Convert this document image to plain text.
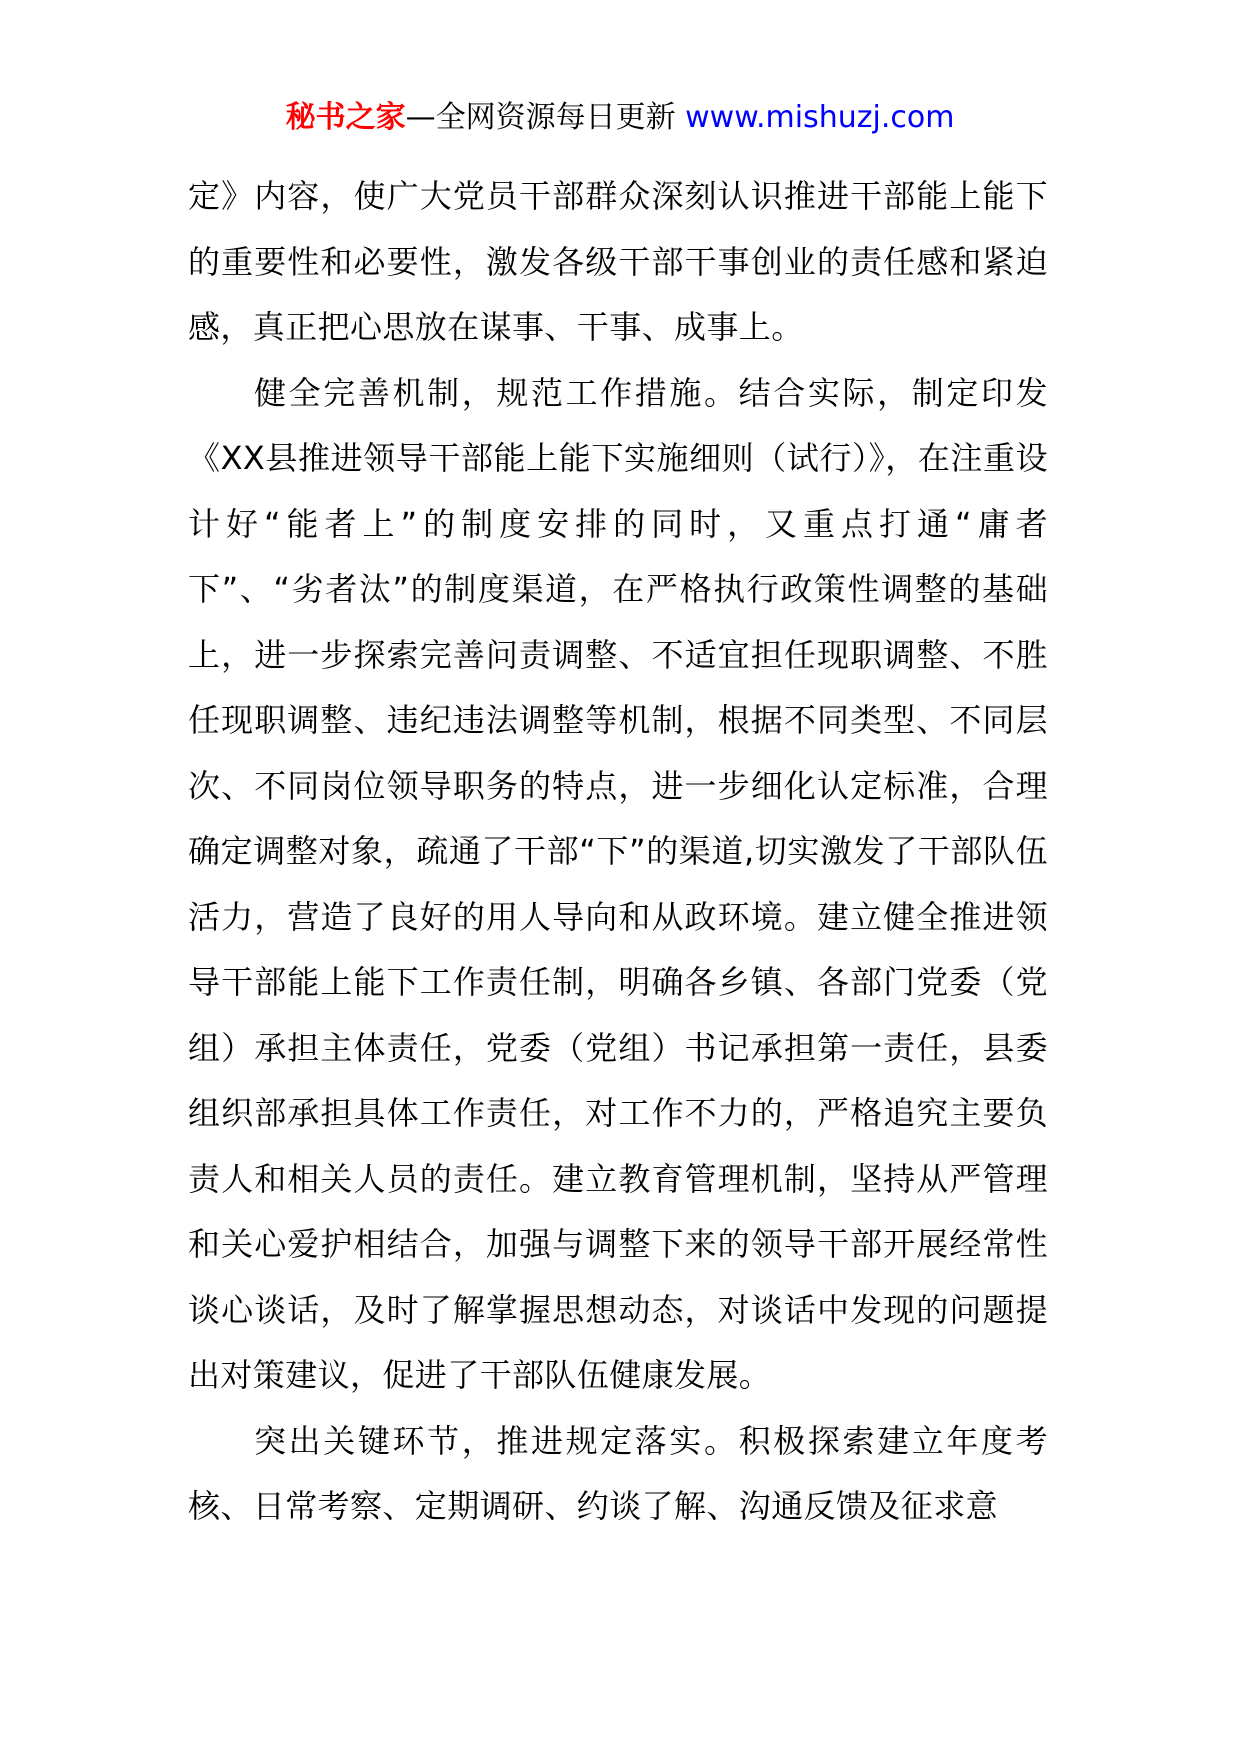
秘书之家—全网资源每日更新 www.mishuzj.com

定》内容，使广大党员干部群众深刻认识推进干部能上能下的重要性和必要性，激发各级干部干事创业的责任感和紧迫感，真正把心思放在谋事、干事、成事上。

健全完善机制，规范工作措施。结合实际，制定印发《XX县推进领导干部能上能下实施细则（试行）》，在注重设计好“能者上”的制度安排的同时，又重点打通“庸者下”、“劣者汰”的制度渠道，在严格执行政策性调整的基础上，进一步探索完善问责调整、不适宜担任现职调整、不胜任现职调整、违纪违法调整等机制，根据不同类型、不同层次、不同岗位领导职务的特点，进一步细化认定标准，合理确定调整对象，疏通了干部“下”的渠道,切实激发了干部队伍活力，营造了良好的用人导向和从政环境。建立健全推进领导干部能上能下工作责任制，明确各乡镇、各部门党委（党组）承担主体责任，党委（党组）书记承担第一责任，县委组织部承担具体工作责任，对工作不力的，严格追究主要负责人和相关人员的责任。建立教育管理机制，坚持从严管理和关心爱护相结合，加强与调整下来的领导干部开展经常性谈心谈话，及时了解掌握思想动态，对谈话中发现的问题提出对策建议，促进了干部队伍健康发展。

突出关键环节，推进规定落实。积极探索建立年度考核、日常考察、定期调研、约谈了解、沟通反馈及征求意
